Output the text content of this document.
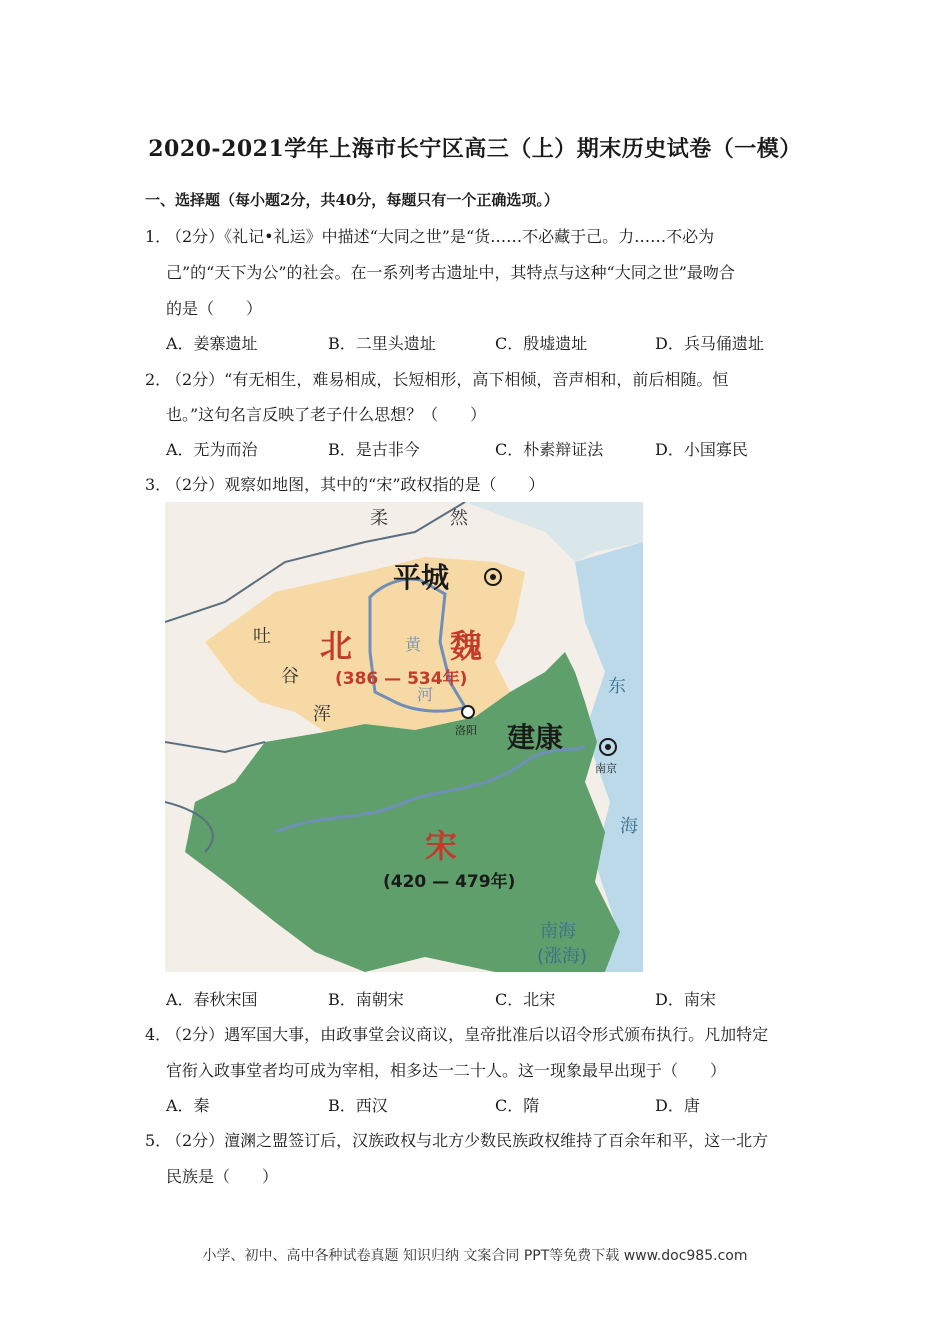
2020-2021学年上海市长宁区高三（上）期末历史试卷（一模）
一、选择题（每小题2分，共40分，每题只有一个正确选项。）
1．
（2分）《礼记•礼运》中描述“大同之世”是“货……不必藏于己。力……不必为
己”的“天下为公”的社会。在一系列考古遗址中，其特点与这种“大同之世”最吻合
的是（　　）
A．姜寨遗址	B．二里头遗址	C．殷墟遗址	D．兵马俑遗址
2．
（2分）“有无相生，难易相成，长短相形，高下相倾，音声相和，前后相随。恒
也。”这句名言反映了老子什么思想？（　　）
A．无为而治	B．是古非今	C．朴素辩证法	D．小国寡民
3．
（2分）观察如地图，其中的“宋”政权指的是（　　）
柔	然
平城
北	魏
(386 — 534年)
黄
河
吐
谷
浑
洛阳 建康
南京
宋
(420 — 479年)
东
海
南海
(涨海)
A．春秋宋国	B．南朝宋	C．北宋	D．南宋
4．
（2分）遇军国大事，由政事堂会议商议，皇帝批准后以诏令形式颁布执行。凡加特定
官衔入政事堂者均可成为宰相，相多达一二十人。这一现象最早出现于（　　）
A．秦	B．西汉	C．隋	D．唐
5．
（2分）澶渊之盟签订后，汉族政权与北方少数民族政权维持了百余年和平，这一北方
民族是（　　）
小学、初中、高中各种试卷真题 知识归纳 文案合同 PPT等免费下载 www.doc985.com
